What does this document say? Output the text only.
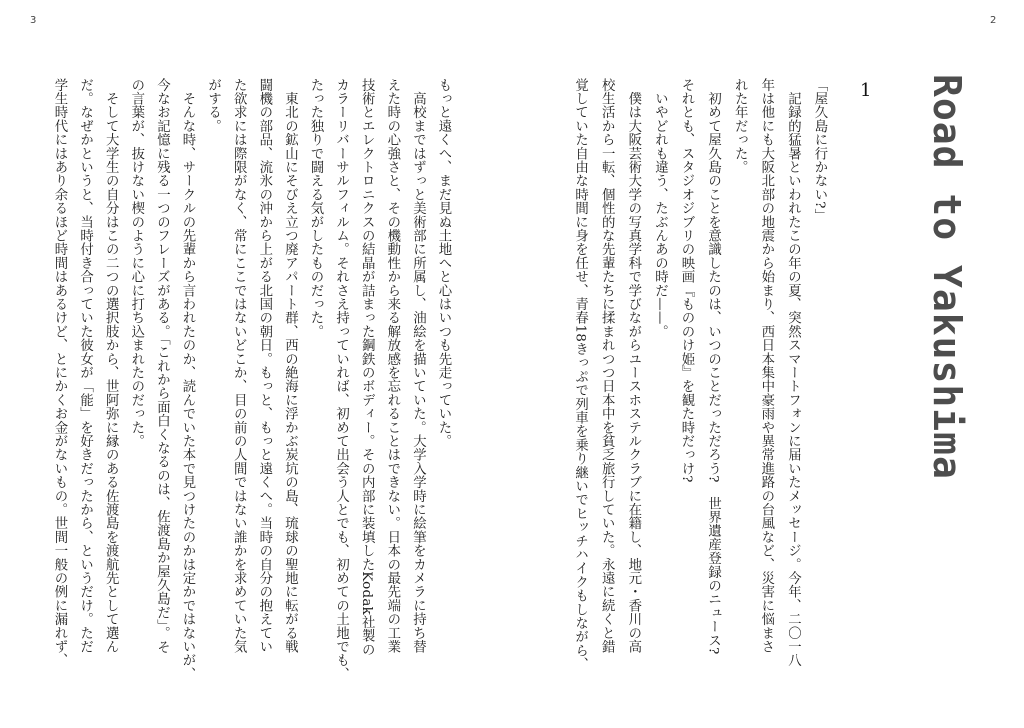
3	2
Road to Yakushima
1
「屋久島に行かない?」
　記録的猛暑といわれたこの年の夏、突然スマートフォンに届いたメッセージ。今年、二〇一八
年は他にも大阪北部の地震から始まり、西日本集中豪雨や異常進路の台風など、災害に悩まさ
れた年だった。
　初めて屋久島のことを意識したのは、いつのことだっただろう?　世界遺産登録のニュース?
それとも、スタジオジブリの映画『もののけ姫』を観た時だっけ?
　いやどれも違う、たぶんあの時だ——。
　僕は大阪芸術大学の写真学科で学びながらユースホステルクラブに在籍し、地元・香川の高
校生活から一転、個性的な先輩たちに揉まれつつ日本中を貧乏旅行していた。永遠に続くと錯
覚していた自由な時間に身を任せ、青春18きっぷで列車を乗り継いでヒッチハイクもしながら、
もっと遠くへ、まだ見ぬ土地へと心はいつも先走っていた。
　高校まではずっと美術部に所属し、油絵を描いていた。大学入学時に絵筆をカメラに持ち替
えた時の心強さと、その機動性から来る解放感を忘れることはできない。日本の最先端の工業
技術とエレクトロニクスの結晶が詰まった鋼鉄のボディー。その内部に装填したKodak社製の
カラーリバーサルフィルム。それさえ持っていれば、初めて出会う人とでも、初めての土地でも、
たった独りで闘える気がしたものだった。
　東北の鉱山にそびえ立つ廃アパート群、西の絶海に浮かぶ炭坑の島、琉球の聖地に転がる戦
闘機の部品、流氷の沖から上がる北国の朝日。もっと、もっと遠くへ。当時の自分の抱えてい
た欲求には際限がなく、常にここではないどこか、目の前の人間ではない誰かを求めていた気
がする。
　そんな時、サークルの先輩から言われたのか、読んでいた本で見つけたのかは定かではないが、
今なお記憶に残る一つのフレーズがある。「これから面白くなるのは、佐渡島か屋久島だ」。そ
の言葉が、抜けない楔のように心に打ち込まれたのだった。
　そして大学生の自分はこの二つの選択肢から、世阿弥に縁のある佐渡島を渡航先として選ん
だ。なぜかというと、当時付き合っていた彼女が「能」を好きだったから、というだけ。ただ
学生時代にはあり余るほど時間はあるけど、とにかくお金がないもの。世間一般の例に漏れず、
